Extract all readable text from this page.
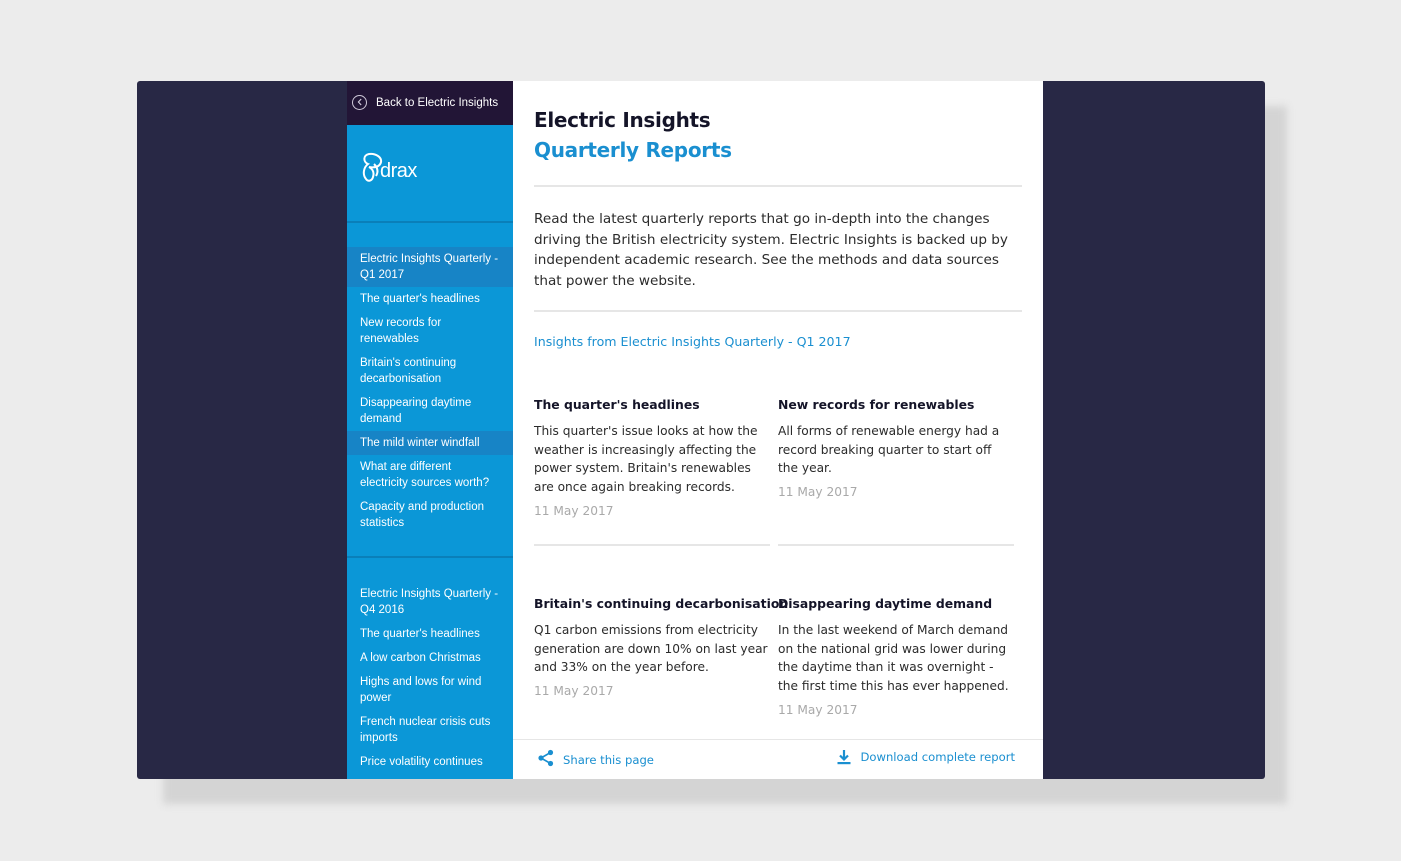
Back to Electric Insights
drax
Electric Insights Quarterly - Q1 2017
The quarter's headlines
New records for renewables
Britain's continuing decarbonisation
Disappearing daytime demand
The mild winter windfall
What are different electricity sources worth?
Capacity and production statistics
Electric Insights Quarterly - Q4 2016
The quarter's headlines
A low carbon Christmas
Highs and lows for wind power
French nuclear crisis cuts imports
Price volatility continues
Electric Insights
Quarterly Reports

Read the latest quarterly reports that go in-depth into the changes driving the British electricity system. Electric Insights is backed up by independent academic research. See the methods and data sources that power the website.

Insights from Electric Insights Quarterly - Q1 2017
The quarter's headlines
This quarter's issue looks at how the weather is increasingly affecting the power system. Britain's renewables are once again breaking records.
11 May 2017
New records for renewables
All forms of renewable energy had a record breaking quarter to start off the year.
11 May 2017
Britain's continuing decarbonisation
Q1 carbon emissions from electricity generation are down 10% on last year and 33% on the year before.
11 May 2017
Disappearing daytime demand
In the last weekend of March demand on the national grid was lower during the daytime than it was overnight - the first time this has ever happened.
11 May 2017
Share this page	Download complete report
